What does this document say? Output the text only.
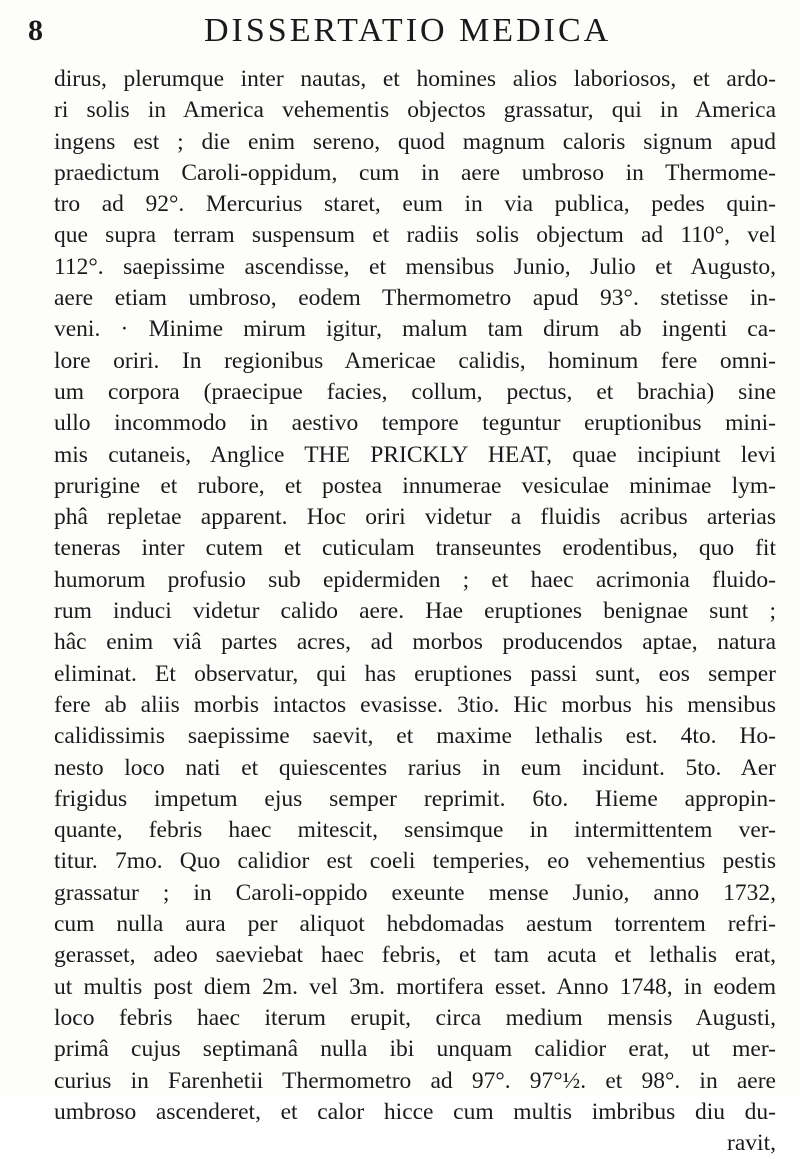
8	DISSERTATIO MEDICA
dirus, plerumque inter nautas, et homines alios laboriosos, et ardo-
ri solis in America vehementis objectos grassatur, qui in America
ingens est ; die enim sereno, quod magnum caloris signum apud
praedictum Caroli-oppidum, cum in aere umbroso in Thermome-
tro ad 92°. Mercurius staret, eum in via publica, pedes quin-
que supra terram suspensum et radiis solis objectum ad 110°, vel
112°. saepissime ascendisse, et mensibus Junio, Julio et Augusto,
aere etiam umbroso, eodem Thermometro apud 93°. stetisse in-
veni. · Minime mirum igitur, malum tam dirum ab ingenti ca-
lore oriri. In regionibus Americae calidis, hominum fere omni-
um corpora (praecipue facies, collum, pectus, et brachia) sine
ullo incommodo in aestivo tempore teguntur eruptionibus mini-
mis cutaneis, Anglice THE PRICKLY HEAT, quae incipiunt levi
prurigine et rubore, et postea innumerae vesiculae minimae lym-
phâ repletae apparent. Hoc oriri videtur a fluidis acribus arterias
teneras inter cutem et cuticulam transeuntes erodentibus, quo fit
humorum profusio sub epidermiden ; et haec acrimonia fluido-
rum induci videtur calido aere. Hae eruptiones benignae sunt ;
hâc enim viâ partes acres, ad morbos producendos aptae, natura
eliminat. Et observatur, qui has eruptiones passi sunt, eos semper
fere ab aliis morbis intactos evasisse. 3tio. Hic morbus his mensibus
calidissimis saepissime saevit, et maxime lethalis est. 4to. Ho-
nesto loco nati et quiescentes rarius in eum incidunt. 5to. Aer
frigidus impetum ejus semper reprimit. 6to. Hieme appropin-
quante, febris haec mitescit, sensimque in intermittentem ver-
titur. 7mo. Quo calidior est coeli temperies, eo vehementius pestis
grassatur ; in Caroli-oppido exeunte mense Junio, anno 1732,
cum nulla aura per aliquot hebdomadas aestum torrentem refri-
gerasset, adeo saeviebat haec febris, et tam acuta et lethalis erat,
ut multis post diem 2m. vel 3m. mortifera esset. Anno 1748, in eodem
loco febris haec iterum erupit, circa medium mensis Augusti,
primâ cujus septimanâ nulla ibi unquam calidior erat, ut mer-
curius in Farenhetii Thermometro ad 97°. 97°½. et 98°. in aere
umbroso ascenderet, et calor hicce cum multis imbribus diu du-
ravit,
